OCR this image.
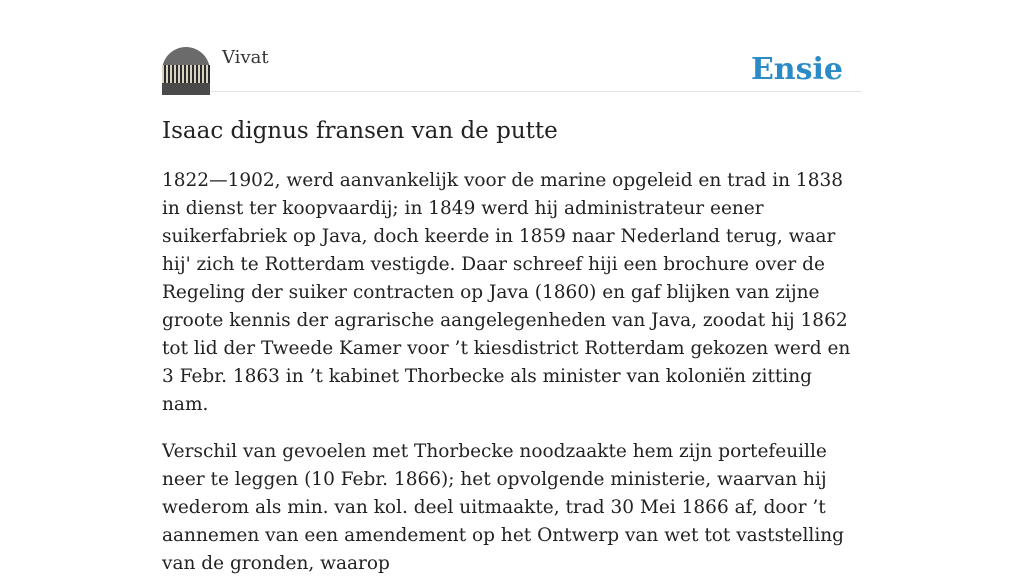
Vivat	Ensie
Isaac dignus fransen van de putte

1822—1902, werd aanvankelijk voor de marine opgeleid en trad in 1838 in dienst ter koopvaardij; in 1849 werd hij administrateur eener suikerfabriek op Java, doch keerde in 1859 naar Nederland terug, waar hij' zich te Rotterdam vestigde. Daar schreef hiji een brochure over de Regeling der suiker contracten op Java (1860) en gaf blijken van zijne groote kennis der agrarische aangelegenheden van Java, zoodat hij 1862 tot lid der Tweede Kamer voor ’t kiesdistrict Rotterdam gekozen werd en 3 Febr. 1863 in ’t kabinet Thorbecke als minister van koloniën zitting nam.

Verschil van gevoelen met Thorbecke noodzaakte hem zijn portefeuille neer te leggen (10 Febr. 1866); het opvolgende ministerie, waarvan hij wederom als min. van kol. deel uitmaakte, trad 30 Mei 1866 af, door ’t aannemen van een amendement op het Ontwerp van wet tot vaststelling van de gronden, waarop
